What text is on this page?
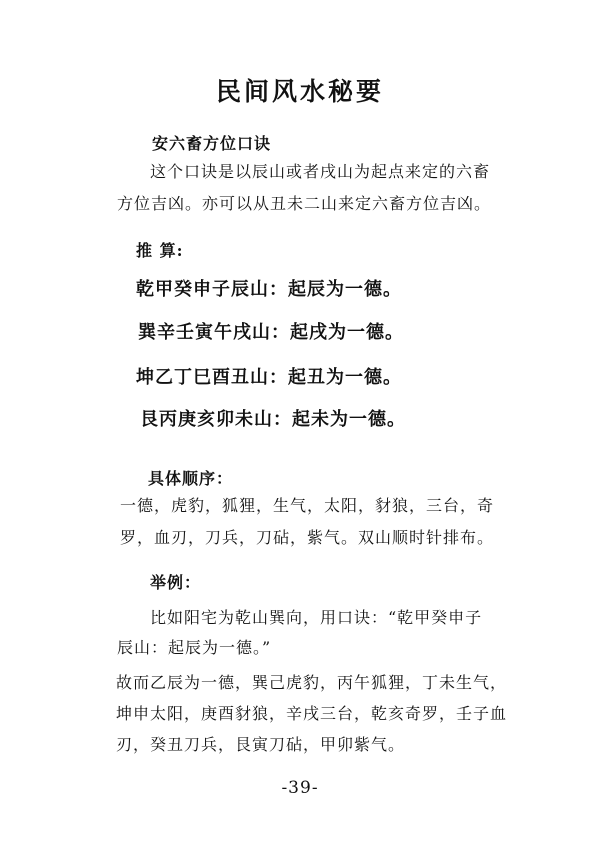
民间风水秘要
安六畜方位口诀
这个口诀是以辰山或者戌山为起点来定的六畜
方位吉凶。亦可以从丑未二山来定六畜方位吉凶。
推 算:
乾甲癸申子辰山：起辰为一德。
巽辛壬寅午戌山：起戌为一德。
坤乙丁巳酉丑山：起丑为一德。
艮丙庚亥卯未山：起未为一德。
具体顺序：
一德，虎豹，狐狸，生气，太阳，豺狼，三台，奇
罗，血刃，刀兵，刀砧，紫气。双山顺时针排布。
举例：
比如阳宅为乾山巽向，用口诀：“乾甲癸申子
辰山：起辰为一德。”
故而乙辰为一德，巽己虎豹，丙午狐狸，丁未生气，
坤申太阳，庚酉豺狼，辛戌三台，乾亥奇罗，壬子血
刃，癸丑刀兵，艮寅刀砧，甲卯紫气。
-39-
